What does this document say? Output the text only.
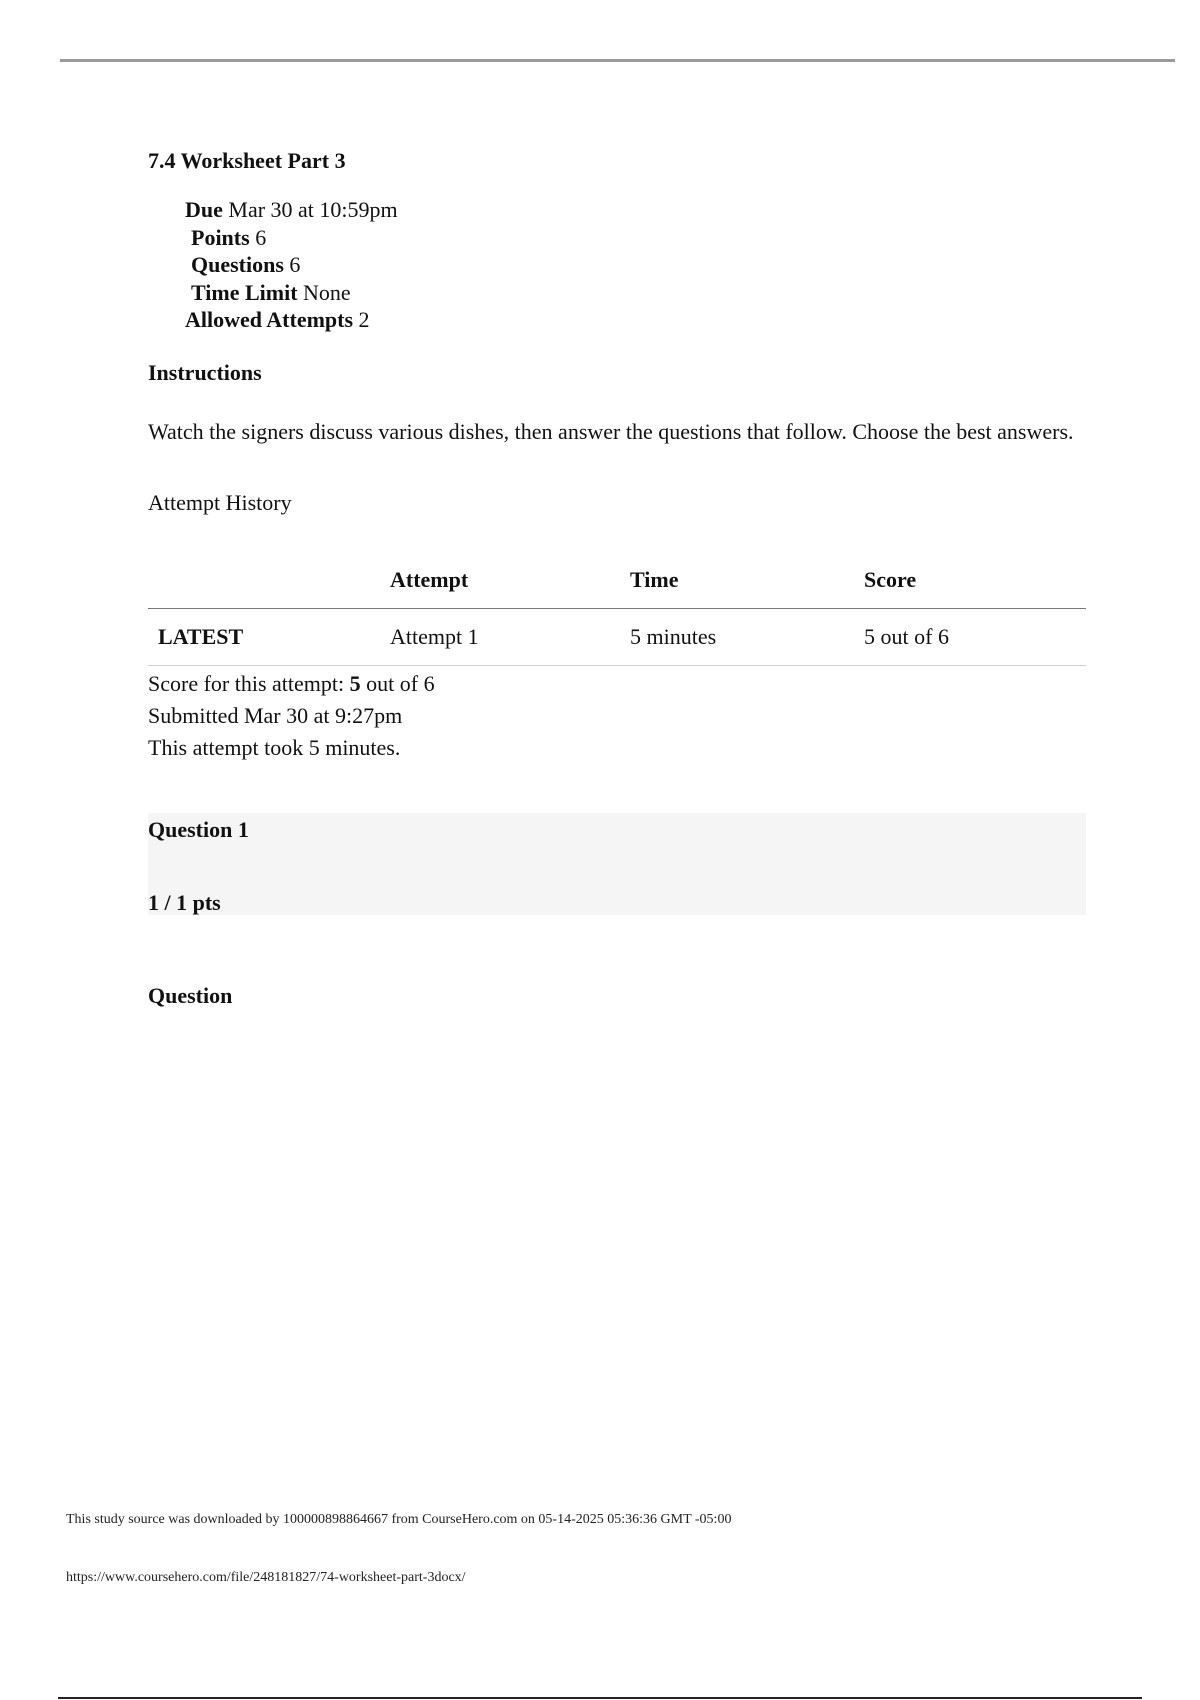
7.4 Worksheet Part 3
Due Mar 30 at 10:59pm
Points 6
Questions 6
Time Limit None
Allowed Attempts 2
Instructions
Watch the signers discuss various dishes, then answer the questions that follow. Choose the best answers.
Attempt History
	Attempt	Time	Score
LATEST	Attempt 1	5 minutes	5 out of 6
Score for this attempt: 5 out of 6
Submitted Mar 30 at 9:27pm
This attempt took 5 minutes.
Question 1
1 / 1 pts
Question
This study source was downloaded by 100000898864667 from CourseHero.com on 05-14-2025 05:36:36 GMT -05:00
https://www.coursehero.com/file/248181827/74-worksheet-part-3docx/
